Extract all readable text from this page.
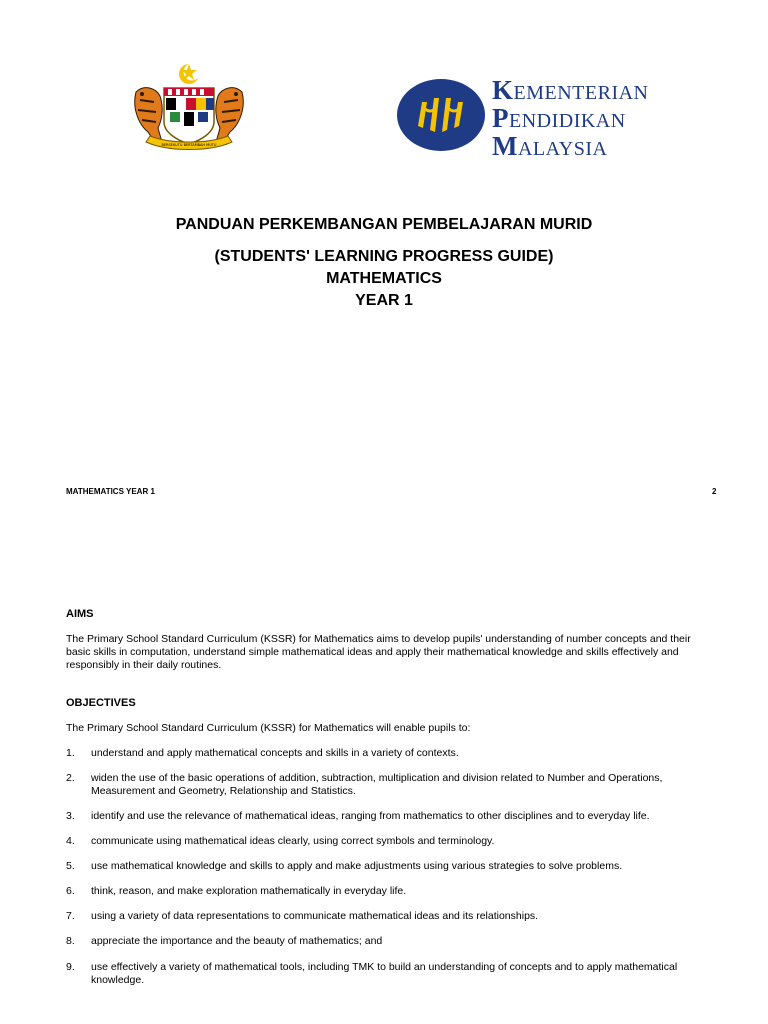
BERSEKUTU BERTAMBAH MUTU
KEMENTERIAN
PENDIDIKAN
MALAYSIA
PANDUAN PERKEMBANGAN PEMBELAJARAN MURID
(STUDENTS' LEARNING PROGRESS GUIDE)
MATHEMATICS
YEAR 1
MATHEMATICS YEAR 1	2
AIMS
The Primary School Standard Curriculum (KSSR) for Mathematics aims to develop pupils' understanding of number concepts and their basic skills in computation, understand simple mathematical ideas and apply their mathematical knowledge and skills effectively and responsibly in their daily routines.
OBJECTIVES
The Primary School Standard Curriculum (KSSR) for Mathematics will enable pupils to:
1.	understand and apply mathematical concepts and skills in a variety of contexts.
2.	widen the use of the basic operations of addition, subtraction, multiplication and division related to Number and Operations, Measurement and Geometry, Relationship and Statistics.
3.	identify and use the relevance of mathematical ideas, ranging from mathematics to other disciplines and to everyday life.
4.	communicate using mathematical ideas clearly, using correct symbols and terminology.
5.	use mathematical knowledge and skills to apply and make adjustments using various strategies to solve problems.
6.	think, reason, and make exploration mathematically in everyday life.
7.	using a variety of data representations to communicate mathematical ideas and its relationships.
8.	appreciate the importance and the beauty of mathematics; and
9.	use effectively a variety of mathematical tools, including TMK to build an understanding of concepts and to apply mathematical knowledge.
